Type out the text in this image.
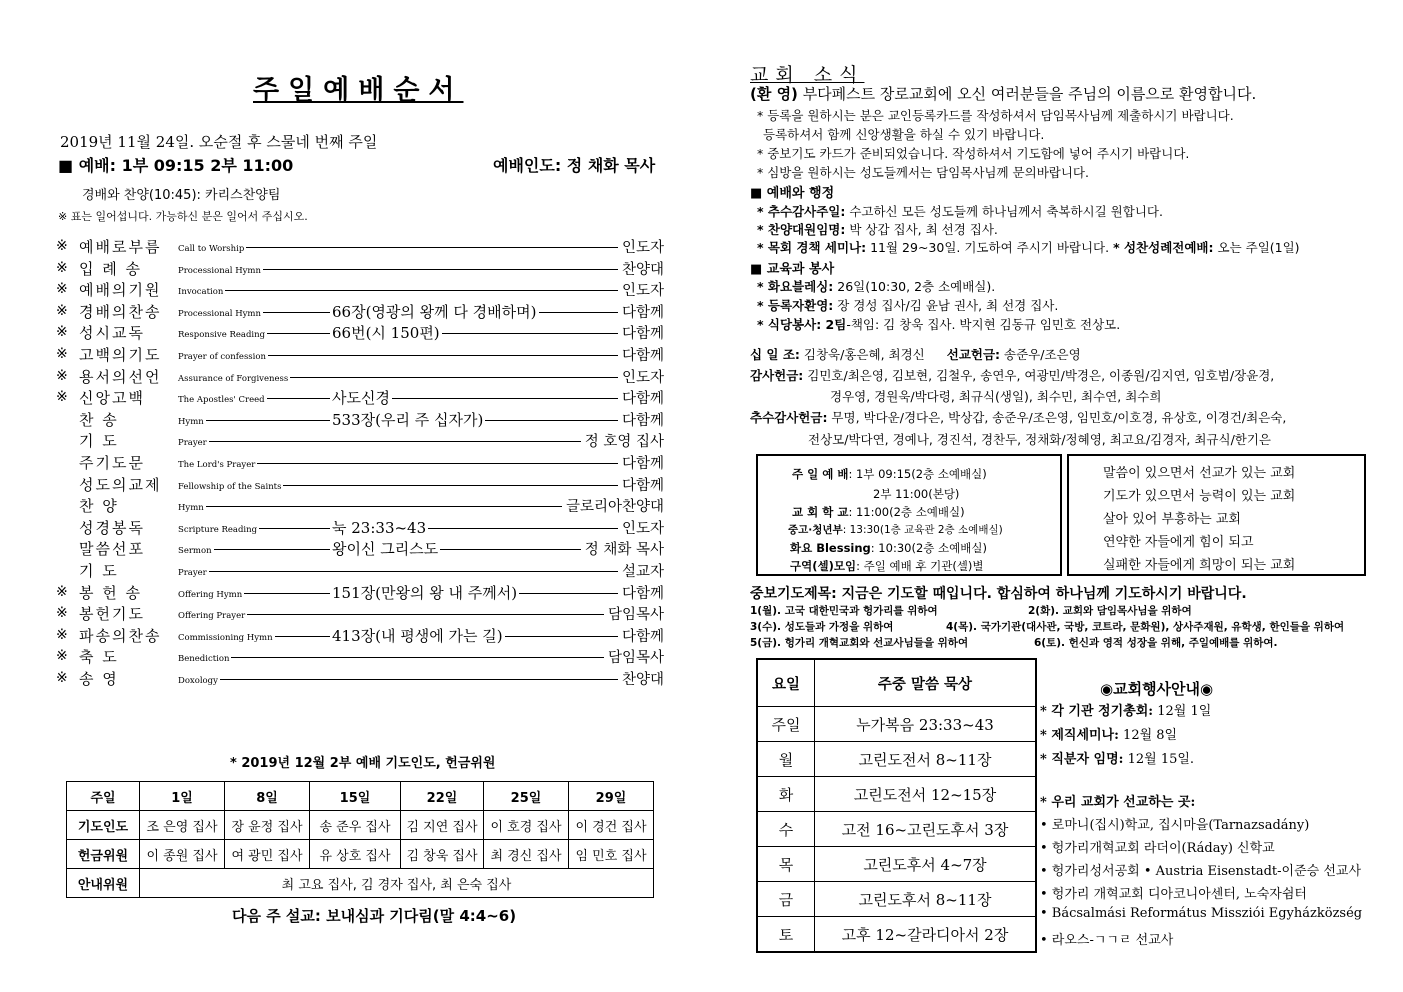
주일예배순서
2019년 11월 24일. 오순절 후 스물네 번째 주일
■ 예배: 1부 09:15 2부 11:00	예배인도: 정 채화 목사
경배와 찬양(10:45): 카리스찬양팀
※ 표는 일어섭니다. 가능하신 분은 일어서 주십시오.
※ 예배로부름	Call to Worship	인도자
※ 입 례 송	Processional Hymn	찬양대
※ 예배의기원	Invocation	인도자
※ 경배의찬송	Processional Hymn	66장(영광의 왕께 다 경배하며)	다함께
※ 성시교독	Responsive Reading	66번(시 150편)	다함께
※ 고백의기도	Prayer of confession	다함께
※ 용서의선언	Assurance of Forgiveness	인도자
※ 신앙고백	The Apostles' Creed	사도신경	다함께
찬 송	Hymn	533장(우리 주 십자가)	다함께
기 도	Prayer	정 호영 집사
주기도문	The Lord's Prayer	다함께
성도의교제	Fellowship of the Saints	다함께
찬 양	Hymn	글로리아찬양대
성경봉독	Scripture Reading	눅 23:33~43	인도자
말씀선포	Sermon	왕이신 그리스도	정 채화 목사
기 도	Prayer	설교자
※ 봉 헌 송	Offering Hymn	151장(만왕의 왕 내 주께서)	다함께
※ 봉헌기도	Offering Prayer	담임목사
※ 파송의찬송	Commissioning Hymn	413장(내 평생에 가는 길)	다함께
※ 축 도	Benediction	담임목사
※ 송 영	Doxology	찬양대
* 2019년 12월 2부 예배 기도인도, 헌금위원
주일	1일	8일	15일	22일	25일	29일
기도인도	조 은영 집사	장 윤정 집사	송 준우 집사	김 지연 집사	이 호경 집사	이 경건 집사
헌금위원	이 종원 집사	여 광민 집사	유 상호 집사	김 창욱 집사	최 경신 집사	임 민호 집사
안내위원	최 고요 집사, 김 경자 집사, 최 은숙 집사					
다음 주 설교: 보내심과 기다림(말 4:4~6)
교회 소식
(환 영) 부다페스트 장로교회에 오신 여러분들을 주님의 이름으로 환영합니다.
* 등록을 원하시는 분은 교인등록카드를 작성하셔서 담임목사님께 제출하시기 바랍니다.
등록하셔서 함께 신앙생활을 하실 수 있기 바랍니다.
* 중보기도 카드가 준비되었습니다. 작성하셔서 기도함에 넣어 주시기 바랍니다.
* 심방을 원하시는 성도들께서는 담임목사님께 문의바랍니다.
■ 예배와 행정
* 추수감사주일: 수고하신 모든 성도들께 하나님께서 축복하시길 원합니다.
* 찬양대원임명: 박 상갑 집사, 최 선경 집사.
* 목회 경책 세미나: 11월 29~30일. 기도하여 주시기 바랍니다. * 성찬성례전예배: 오는 주일(1일)
■ 교육과 봉사
* 화요블레싱: 26일(10:30, 2층 소예배실).
* 등록자환영: 장 경성 집사/김 윤남 권사, 최 선경 집사.
* 식당봉사: 2팀-책임: 김 창욱 집사. 박지현 김동규 임민호 전상모.
십 일 조: 김창욱/홍은혜, 최경신 선교헌금: 송준우/조은영
감사헌금: 김민호/최은영, 김보현, 김철우, 송연우, 여광민/박경은, 이종원/김지연, 임호범/장윤경,
경우영, 경원욱/박다령, 최규식(생일), 최수민, 최수연, 최수희
추수감사헌금: 무명, 박다운/경다은, 박상갑, 송준우/조은영, 임민호/이호경, 유상호, 이경건/최은숙,
전상모/박다연, 경예나, 경진석, 경찬두, 정채화/정혜영, 최고요/김경자, 최규식/한기은
주 일 예 배: 1부 09:15(2층 소예배실)
2부 11:00(본당)
교 회 학 교: 11:00(2층 소예배실)
중고·청년부: 13:30(1층 교육관 2층 소예배실)
화요 Blessing: 10:30(2층 소예배실)
구역(셀)모임: 주일 예배 후 기관(셀)별
말씀이 있으면서 선교가 있는 교회
기도가 있으면서 능력이 있는 교회
살아 있어 부흥하는 교회
연약한 자들에게 힘이 되고
실패한 자들에게 희망이 되는 교회
중보기도제목: 지금은 기도할 때입니다. 합심하여 하나님께 기도하시기 바랍니다.
1(월). 고국 대한민국과 헝가리를 위하여	2(화). 교회와 담임목사님을 위하여
3(수). 성도들과 가정을 위하여	4(목). 국가기관(대사관, 국방, 코트라, 문화원), 상사주재원, 유학생, 한인들을 위하여
5(금). 헝가리 개혁교회와 선교사님들을 위하여	6(토). 헌신과 영적 성장을 위해, 주일예배를 위하여.
요일	주중 말씀 묵상
주일	누가복음 23:33~43
월	고린도전서 8~11장
화	고린도전서 12~15장
수	고전 16~고린도후서 3장
목	고린도후서 4~7장
금	고린도후서 8~11장
토	고후 12~갈라디아서 2장
◉교회행사안내◉
* 각 기관 정기총회: 12월 1일
* 제직세미나: 12월 8일
* 직분자 임명: 12월 15일.
* 우리 교회가 선교하는 곳:
• 로마니(집시)학교, 집시마을(Tarnazsadány)
• 헝가리개혁교회 라더이(Ráday) 신학교
• 헝가리성서공회 • Austria Eisenstadt-이준승 선교사
• 헝가리 개혁교회 디아코니아센터, 노숙자쉼터
• Bácsalmási Református Missziói Egyházközség
• 라오스-ㄱㄱㄹ 선교사
